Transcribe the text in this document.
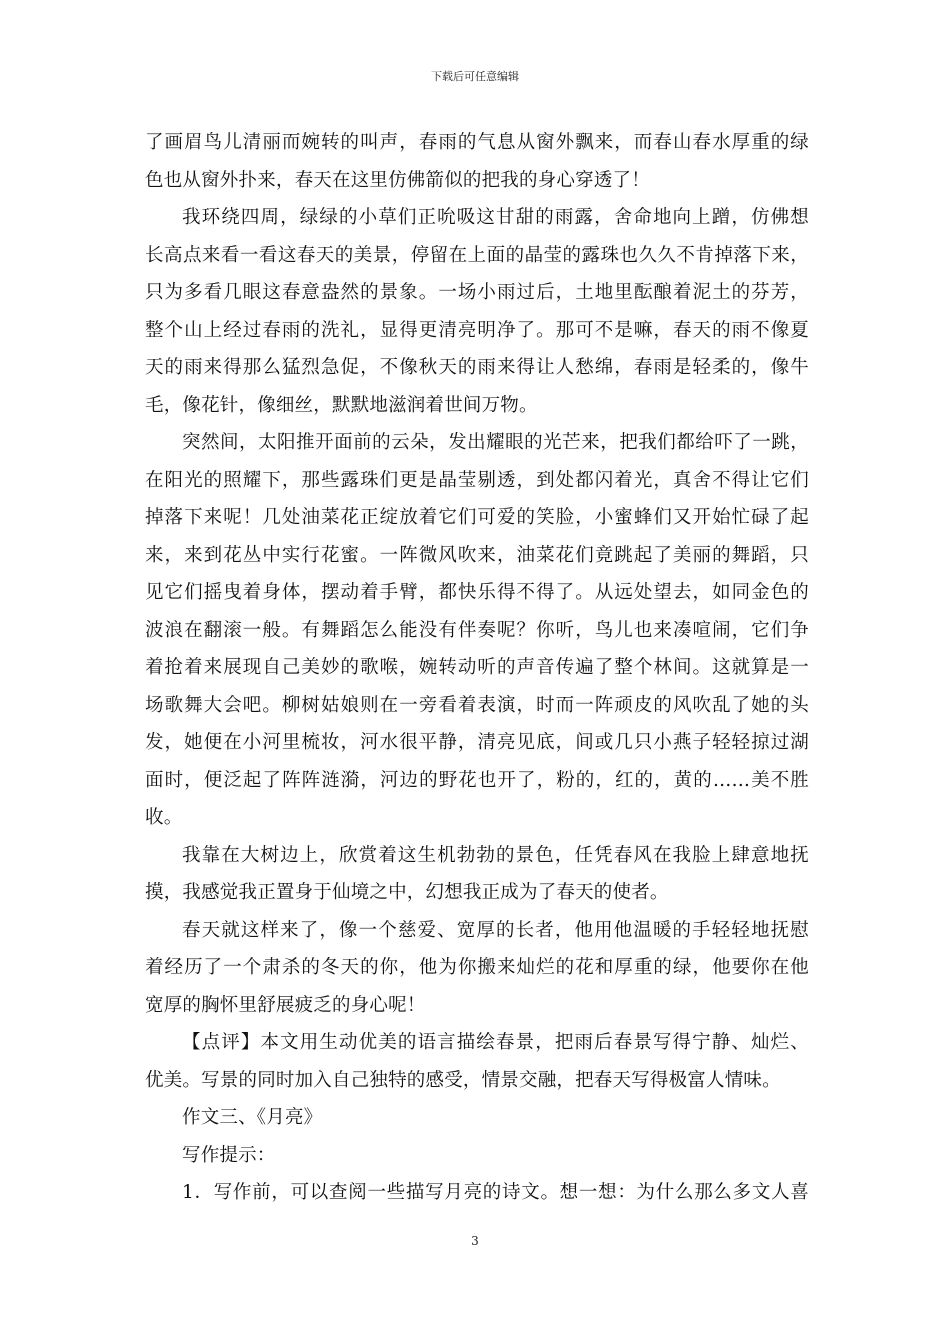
下载后可任意编辑
了画眉鸟儿清丽而婉转的叫声，春雨的气息从窗外飘来，而春山春水厚重的绿
色也从窗外扑来，春天在这里仿佛箭似的把我的身心穿透了！
我环绕四周，绿绿的小草们正吮吸这甘甜的雨露，舍命地向上蹭，仿佛想
长高点来看一看这春天的美景，停留在上面的晶莹的露珠也久久不肯掉落下来，
只为多看几眼这春意盎然的景象。一场小雨过后，土地里酝酿着泥土的芬芳，
整个山上经过春雨的洗礼，显得更清亮明净了。那可不是嘛，春天的雨不像夏
天的雨来得那么猛烈急促，不像秋天的雨来得让人愁绵，春雨是轻柔的，像牛
毛，像花针，像细丝，默默地滋润着世间万物。
突然间，太阳推开面前的云朵，发出耀眼的光芒来，把我们都给吓了一跳，
在阳光的照耀下，那些露珠们更是晶莹剔透，到处都闪着光，真舍不得让它们
掉落下来呢！几处油菜花正绽放着它们可爱的笑脸，小蜜蜂们又开始忙碌了起
来，来到花丛中实行花蜜。一阵微风吹来，油菜花们竟跳起了美丽的舞蹈，只
见它们摇曳着身体，摆动着手臂，都快乐得不得了。从远处望去，如同金色的
波浪在翻滚一般。有舞蹈怎么能没有伴奏呢？你听，鸟儿也来凑喧闹，它们争
着抢着来展现自己美妙的歌喉，婉转动听的声音传遍了整个林间。这就算是一
场歌舞大会吧。柳树姑娘则在一旁看着表演，时而一阵顽皮的风吹乱了她的头
发，她便在小河里梳妆，河水很平静，清亮见底，间或几只小燕子轻轻掠过湖
面时，便泛起了阵阵涟漪，河边的野花也开了，粉的，红的，黄的……美不胜
收。
我靠在大树边上，欣赏着这生机勃勃的景色，任凭春风在我脸上肆意地抚
摸，我感觉我正置身于仙境之中，幻想我正成为了春天的使者。
春天就这样来了，像一个慈爱、宽厚的长者，他用他温暖的手轻轻地抚慰
着经历了一个肃杀的冬天的你，他为你搬来灿烂的花和厚重的绿，他要你在他
宽厚的胸怀里舒展疲乏的身心呢！
【点评】本文用生动优美的语言描绘春景，把雨后春景写得宁静、灿烂、
优美。写景的同时加入自己独特的感受，情景交融，把春天写得极富人情味。
作文三、《月亮》
写作提示：
1．写作前，可以查阅一些描写月亮的诗文。想一想：为什么那么多文人喜
3
